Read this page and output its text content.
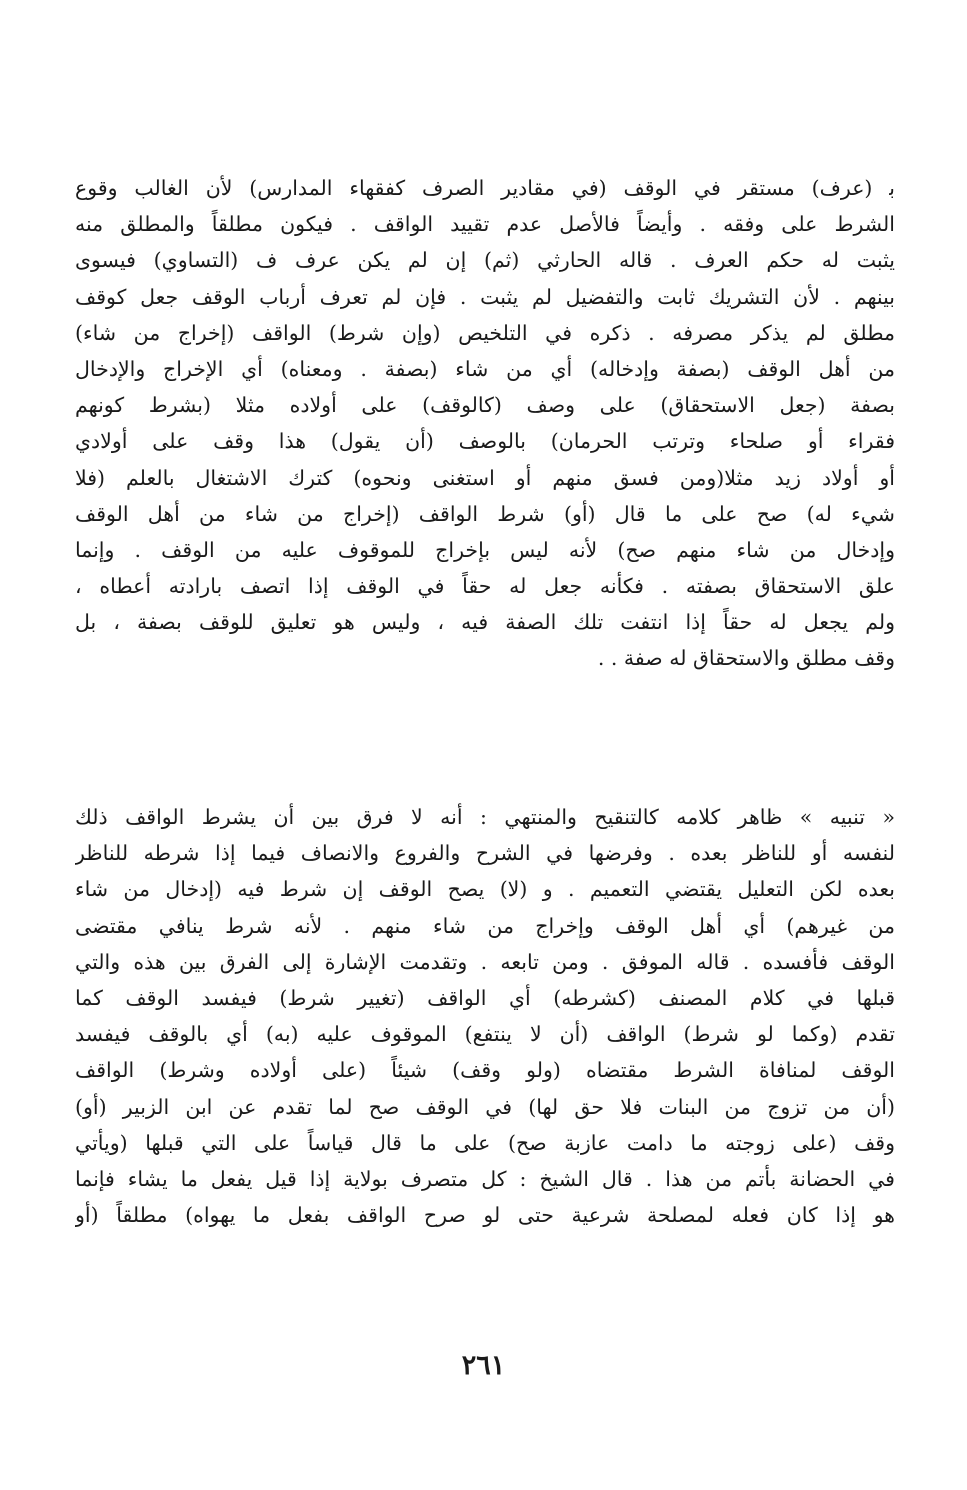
ﺑ (عرف) مستقر في الوقف (في مقادير الصرف كفقهاء المدارس) لأن الغالب وقوع
الشرط على وفقه . وأيضاً فالأصل عدم تقييد الواقف . فيكون مطلقاً والمطلق منه
يثبت له حكم العرف . قاله الحارثي (ثم) إن لم يكن عرف ف (التساوي) فيسوى
بينهم . لأن التشريك ثابت والتفضيل لم يثبت . فإن لم تعرف أرباب الوقف جعل كوقف
مطلق لم يذكر مصرفه . ذكره في التلخيص (وإن شرط) الواقف (إخراج من شاء)
من أهل الوقف (بصفة وإدخاله) أي من شاء (بصفة . ومعناه) أي الإخراج والإدخال
بصفة (جعل الاستحقاق) على وصف (كالوقف) على أولاده مثلا (بشرط كونهم
فقراء أو صلحاء وترتب الحرمان) بالوصف (أن يقول) هذا وقف على أولادي
أو أولاد زيد مثلا(ومن فسق منهم أو استغنى ونحوه) كترك الاشتغال بالعلم (فلا
شيء له) صح على ما قال (أو) شرط الواقف (إخراج من شاء من أهل الوقف
وإدخال من شاء منهم صح) لأنه ليس بإخراج للموقوف عليه من الوقف . وإنما
علق الاستحقاق بصفته . فكأنه جعل له حقاً في الوقف إذا اتصف بارادته أعطاه ،
ولم يجعل له حقاً إذا انتفت تلك الصفة فيه ، وليس هو تعليق للوقف بصفة ، بل
وقف مطلق والاستحقاق له صفة . .
« تنبيه » ظاهر كلامه كالتنقيح والمنتهي : أنه لا فرق بين أن يشرط الواقف ذلك
لنفسه أو للناظر بعده . وفرضها في الشرح والفروع والانصاف فيما إذا شرطه للناظر
بعده لكن التعليل يقتضي التعميم . و (لا) يصح الوقف إن شرط فيه (إدخال من شاء
من غيرهم) أي أهل الوقف وإخراج من شاء منهم . لأنه شرط ينافي مقتضى
الوقف فأفسده . قاله الموفق . ومن تابعه . وتقدمت الإشارة إلى الفرق بين هذه والتي
قبلها في كلام المصنف (كشرطه) أي الواقف (تغيير شرط) فيفسد الوقف كما
تقدم (وكما لو شرط) الواقف (أن لا ينتفع) الموقوف عليه (به) أي بالوقف فيفسد
الوقف لمنافاة الشرط مقتضاه (ولو وقف) شيئاً (على أولاده وشرط) الواقف
(أن من تزوج من البنات فلا حق لها) في الوقف صح لما تقدم عن ابن الزبير (أو)
وقف (على زوجته ما دامت عازبة صح) على ما قال قياساً على التي قبلها (ويأتي
في الحضانة بأتم من هذا . قال الشيخ : كل متصرف بولاية إذا قيل يفعل ما يشاء فإنما
هو إذا كان فعله لمصلحة شرعية حتى لو صرح الواقف بفعل ما يهواه) مطلقاً (أو
٢٦١
